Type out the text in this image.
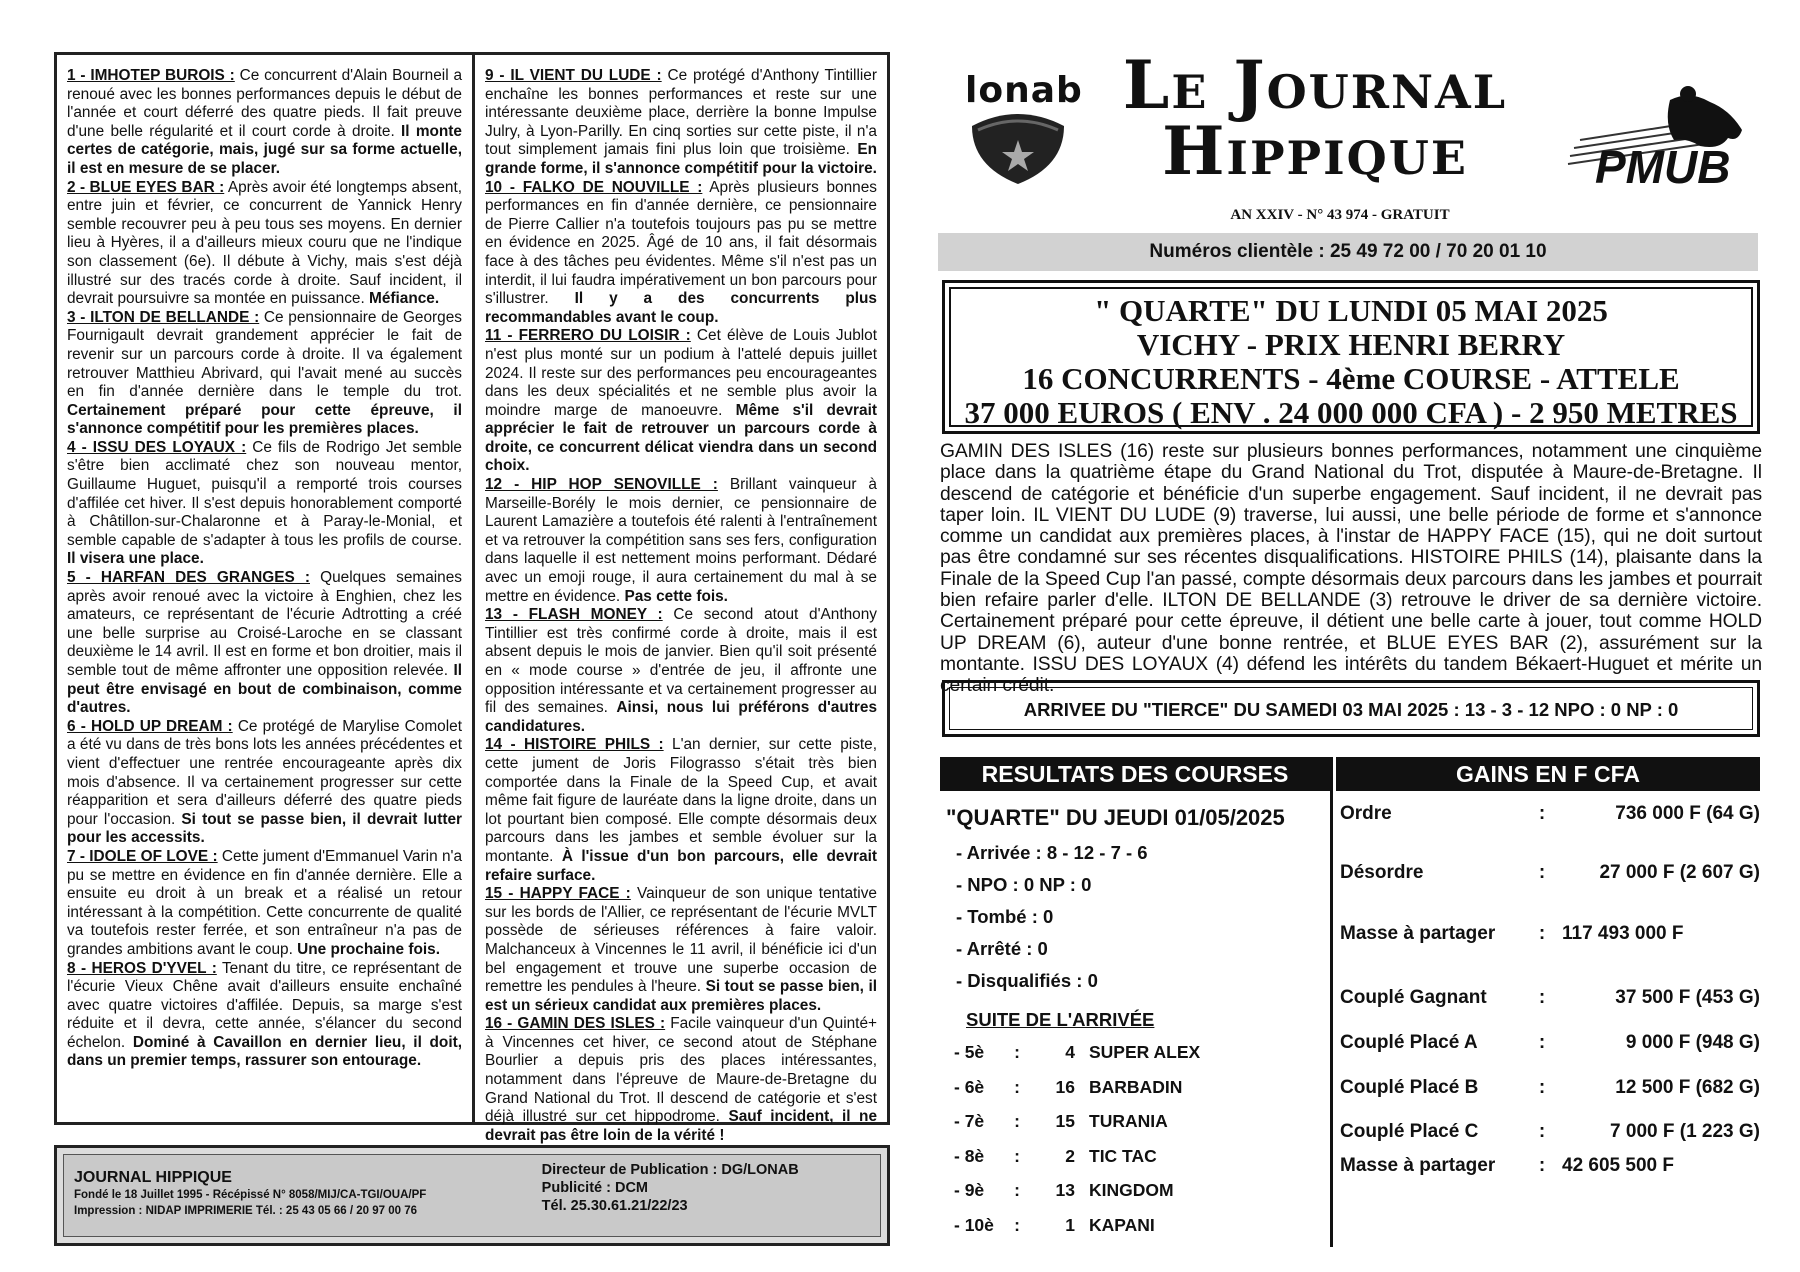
1 - IMHOTEP BUROIS : Ce concurrent d'Alain Bourneil a renoué avec les bonnes performances depuis le début de l'année et court déferré des quatre pieds. Il fait preuve d'une belle régularité et il court corde à droite. Il monte certes de catégorie, mais, jugé sur sa forme actuelle, il est en mesure de se placer.

2 - BLUE EYES BAR : Après avoir été longtemps absent, entre juin et février, ce concurrent de Yannick Henry semble recouvrer peu à peu tous ses moyens. En dernier lieu à Hyères, il a d'ailleurs mieux couru que ne l'indique son classement (6e). Il débute à Vichy, mais s'est déjà illustré sur des tracés corde à droite. Sauf incident, il devrait poursuivre sa montée en puissance. Méfiance.

3 - ILTON DE BELLANDE : Ce pensionnaire de Georges Fournigault devrait grandement apprécier le fait de revenir sur un parcours corde à droite. Il va également retrouver Matthieu Abrivard, qui l'avait mené au succès en fin d'année dernière dans le temple du trot. Certainement préparé pour cette épreuve, il s'annonce compétitif pour les premières places.

4 - ISSU DES LOYAUX : Ce fils de Rodrigo Jet semble s'être bien acclimaté chez son nouveau mentor, Guillaume Huguet, puisqu'il a remporté trois courses d'affilée cet hiver. Il s'est depuis honorablement comporté à Châtillon-sur-Chalaronne et à Paray-le-Monial, et semble capable de s'adapter à tous les profils de course. Il visera une place.

5 - HARFAN DES GRANGES : Quelques semaines après avoir renoué avec la victoire à Enghien, chez les amateurs, ce représentant de l'écurie Adtrotting a créé une belle surprise au Croisé-Laroche en se classant deuxième le 14 avril. Il est en forme et bon droitier, mais il semble tout de même affronter une opposition relevée. Il peut être envisagé en bout de combinaison, comme d'autres.

6 - HOLD UP DREAM : Ce protégé de Marylise Comolet a été vu dans de très bons lots les années précédentes et vient d'effectuer une rentrée encourageante après dix mois d'absence. Il va certainement progresser sur cette réapparition et sera d'ailleurs déferré des quatre pieds pour l'occasion. Si tout se passe bien, il devrait lutter pour les accessits.

7 - IDOLE OF LOVE : Cette jument d'Emmanuel Varin n'a pu se mettre en évidence en fin d'année dernière. Elle a ensuite eu droit à un break et a réalisé un retour intéressant à la compétition. Cette concurrente de qualité va toutefois rester ferrée, et son entraîneur n'a pas de grandes ambitions avant le coup. Une prochaine fois.

8 - HEROS D'YVEL : Tenant du titre, ce représentant de l'écurie Vieux Chêne avait d'ailleurs ensuite enchaîné avec quatre victoires d'affilée. Depuis, sa marge s'est réduite et il devra, cette année, s'élancer du second échelon. Dominé à Cavaillon en dernier lieu, il doit, dans un premier temps, rassurer son entourage.

9 - IL VIENT DU LUDE : Ce protégé d'Anthony Tintillier enchaîne les bonnes performances et reste sur une intéressante deuxième place, derrière la bonne Impulse Julry, à Lyon-Parilly. En cinq sorties sur cette piste, il n'a tout simplement jamais fini plus loin que troisième. En grande forme, il s'annonce compétitif pour la victoire.

10 - FALKO DE NOUVILLE : Après plusieurs bonnes performances en fin d'année dernière, ce pensionnaire de Pierre Callier n'a toutefois toujours pas pu se mettre en évidence en 2025. Âgé de 10 ans, il fait désormais face à des tâches peu évidentes. Même s'il n'est pas un interdit, il lui faudra impérativement un bon parcours pour s'illustrer. Il y a des concurrents plus recommandables avant le coup.

11 - FERRERO DU LOISIR : Cet élève de Louis Jublot n'est plus monté sur un podium à l'attelé depuis juillet 2024. Il reste sur des performances peu encourageantes dans les deux spécialités et ne semble plus avoir la moindre marge de manoeuvre. Même s'il devrait apprécier le fait de retrouver un parcours corde à droite, ce concurrent délicat viendra dans un second choix.

12 - HIP HOP SENOVILLE : Brillant vainqueur à Marseille-Borély le mois dernier, ce pensionnaire de Laurent Lamazière a toutefois été ralenti à l'entraînement et va retrouver la compétition sans ses fers, configuration dans laquelle il est nettement moins performant. Dédaré avec un emoji rouge, il aura certainement du mal à se mettre en évidence. Pas cette fois.

13 - FLASH MONEY : Ce second atout d'Anthony Tintillier est très confirmé corde à droite, mais il est absent depuis le mois de janvier. Bien qu'il soit présenté en « mode course » d'entrée de jeu, il affronte une opposition intéressante et va certainement progresser au fil des semaines. Ainsi, nous lui préférons d'autres candidatures.

14 - HISTOIRE PHILS : L'an dernier, sur cette piste, cette jument de Joris Filograsso s'était très bien comportée dans la Finale de la Speed Cup, et avait même fait figure de lauréate dans la ligne droite, dans un lot pourtant bien composé. Elle compte désormais deux parcours dans les jambes et semble évoluer sur la montante. À l'issue d'un bon parcours, elle devrait refaire surface.

15 - HAPPY FACE : Vainqueur de son unique tentative sur les bords de l'Allier, ce représentant de l'écurie MVLT possède de sérieuses références à faire valoir. Malchanceux à Vincennes le 11 avril, il bénéficie ici d'un bel engagement et trouve une superbe occasion de remettre les pendules à l'heure. Si tout se passe bien, il est un sérieux candidat aux premières places.

16 - GAMIN DES ISLES : Facile vainqueur d'un Quinté+ à Vincennes cet hiver, ce second atout de Stéphane Bourlier a depuis pris des places intéressantes, notamment dans l'épreuve de Maure-de-Bretagne du Grand National du Trot. Il descend de catégorie et s'est déjà illustré sur cet hippodrome. Sauf incident, il ne devrait pas être loin de la vérité !

JOURNAL HIPPIQUE
Fondé le 18 Juillet 1995 - Récépissé N° 8058/MIJ/CA-TGI/OUA/PF
Impression : NIDAP IMPRIMERIE Tél. : 25 43 05 66 / 20 97 00 76
Directeur de Publication : DG/LONAB
Publicité : DCM
Tél. 25.30.61.21/22/23
lonab Le Journal
Hippique
AN XXIV - N° 43 974 - GRATUIT
PMUB
Numéros clientèle : 25 49 72 00 / 70 20 01 10
" QUARTE" DU LUNDI 05 MAI 2025
VICHY - PRIX HENRI BERRY
16 CONCURRENTS - 4ème COURSE - ATTELE
37 000 EUROS ( ENV . 24 000 000 CFA ) - 2 950 METRES
GAMIN DES ISLES (16) reste sur plusieurs bonnes performances, notamment une cinquième place dans la quatrième étape du Grand National du Trot, disputée à Maure-de-Bretagne. Il descend de catégorie et bénéficie d'un superbe engagement. Sauf incident, il ne devrait pas taper loin. IL VIENT DU LUDE (9) traverse, lui aussi, une belle période de forme et s'annonce comme un candidat aux premières places, à l'instar de HAPPY FACE (15), qui ne doit surtout pas être condamné sur ses récentes disqualifications. HISTOIRE PHILS (14), plaisante dans la Finale de la Speed Cup l'an passé, compte désormais deux parcours dans les jambes et pourrait bien refaire parler d'elle. ILTON DE BELLANDE (3) retrouve le driver de sa dernière victoire. Certainement préparé pour cette épreuve, il détient une belle carte à jouer, tout comme HOLD UP DREAM (6), auteur d'une bonne rentrée, et BLUE EYES BAR (2), assurément sur la montante. ISSU DES LOYAUX (4) défend les intérêts du tandem Békaert-Huguet et mérite un certain crédit.
ARRIVEE DU "TIERCE" DU SAMEDI 03 MAI 2025 : 13 - 3 - 12 NPO : 0 NP : 0
RESULTATS DES COURSES	GAINS EN F CFA
"QUARTE" DU JEUDI 01/05/2025
- Arrivée : 8 - 12 - 7 - 6
- NPO : 0 NP : 0
- Tombé : 0
- Arrêté : 0
- Disqualifiés : 0
SUITE DE L'ARRIVÉE
- 5è	:	4 SUPER ALEX
- 6è	:	16 BARBADIN
- 7è	:	15 TURANIA
- 8è	:	2 TIC TAC
- 9è	:	13 KINGDOM
- 10è	:	1 KAPANI
Ordre	:	736 000 F (64 G)
Désordre	:	27 000 F (2 607 G)
Masse à partager	: 117 493 000 F
Couplé Gagnant	:	37 500 F (453 G)
Couplé Placé A	:	9 000 F (948 G)
Couplé Placé B	:	12 500 F (682 G)
Couplé Placé C	:	7 000 F (1 223 G)
Masse à partager	: 42 605 500 F
